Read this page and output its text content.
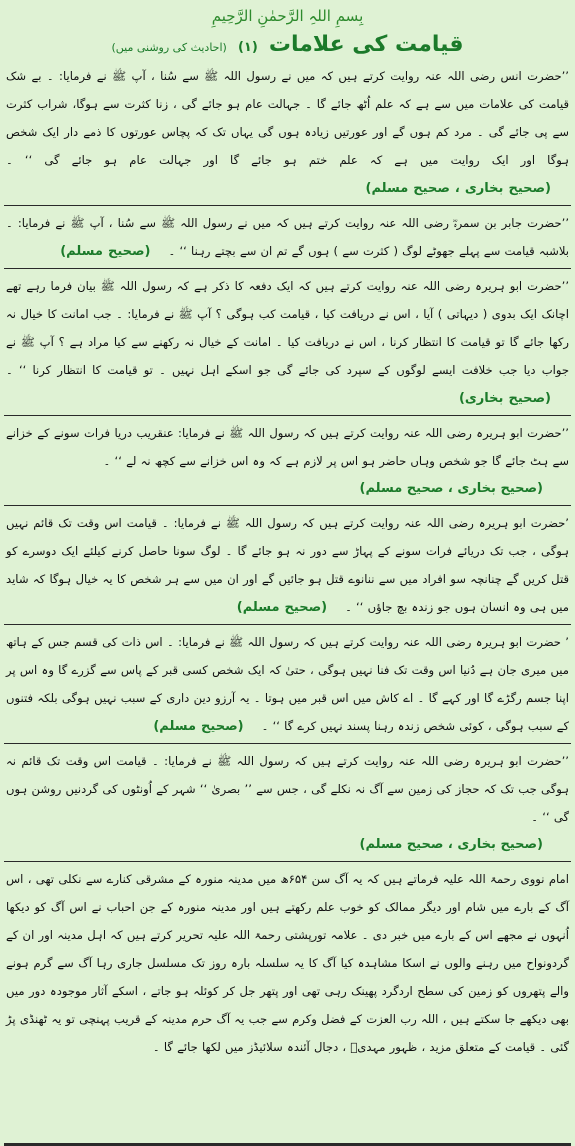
بِسمِ اللہِ الرَّحمٰنِ الرَّحِیمِ
قیامت کی علامات (۱) (احادیث کی روشنی میں)
’’حضرت انس رضی اللہ عنہ روایت کرتے ہیں کہ میں نے رسول اللہ ﷺ سے سُنا ، آپ ﷺ نے فرمایا: ۔ بے شک قیامت کی علامات میں سے ہے کہ علم اُٹھ جائے گا ۔ جہالت عام ہو جائے گی ، زنا کثرت سے ہوگا، شراب کثرت سے پی جائے گی ۔ مرد کم ہوں گے اور عورتیں زیادہ ہوں گی یہاں تک کہ پچاس عورتوں کا ذمے دار ایک شخص ہوگا اور ایک روایت میں ہے کہ علم ختم ہو جائے گا اور جہالت عام ہو جائے گی ‘‘ ۔(صحیح بخاری ، صحیح مسلم)
’’حضرت جابر بن سمرہؓ رضی اللہ عنہ روایت کرتے ہیں کہ میں نے رسول اللہ ﷺ سے سُنا ، آپ ﷺ نے فرمایا: ۔ بلاشبہ قیامت سے پہلے جھوٹے لوگ ( کثرت سے ) ہوں گے تم ان سے بچتے رہنا ‘‘ ۔(صحیح مسلم)
’’حضرت ابو ہریرہ رضی اللہ عنہ روایت کرتے ہیں کہ ایک دفعہ کا ذکر ہے کہ رسول اللہ ﷺ بیان فرما رہے تھے اچانک ایک بدوی ( دیہاتی ) آیا ، اس نے دریافت کیا ، قیامت کب ہوگی ؟ آپ ﷺ نے فرمایا: ۔ جب امانت کا خیال نہ رکھا جائے گا تو قیامت کا انتظار کرنا ، اس نے دریافت کیا ۔ امانت کے خیال نہ رکھنے سے کیا مراد ہے ؟ آپ ﷺ نے جواب دیا جب خلافت ایسے لوگوں کے سپرد کی جائے گی جو اسکے اہل نہیں ۔ تو قیامت کا انتظار کرنا ‘‘ ۔(صحیح بخاری)
’’حضرت ابو ہریرہ رضی اللہ عنہ روایت کرتے ہیں کہ رسول اللہ ﷺ نے فرمایا: عنقریب دریا فرات سونے کے خزانے سے ہٹ جائے گا جو شخص وہاں حاضر ہو اس پر لازم ہے کہ وہ اس خزانے سے کچھ نہ لے ‘‘ ۔
(صحیح بخاری ، صحیح مسلم)
’حضرت ابو ہریرہ رضی اللہ عنہ روایت کرتے ہیں کہ رسول اللہ ﷺ نے فرمایا: ۔ قیامت اس وقت تک قائم نہیں ہوگی ، جب تک دریائے فرات سونے کے پہاڑ سے دور نہ ہو جائے گا ۔ لوگ سونا حاصل کرنے کیلئے ایک دوسرے کو قتل کریں گے چنانچہ سو افراد میں سے ننانوے قتل ہو جائیں گے اور ان میں سے ہر شخص کا یہ خیال ہوگا کہ شاید میں ہی وہ انسان ہوں جو زندہ بچ جاؤں ‘‘ ۔(صحیح مسلم)
’ حضرت ابو ہریرہ رضی اللہ عنہ روایت کرتے ہیں کہ رسول اللہ ﷺ نے فرمایا: ۔ اس ذات کی قسم جس کے ہاتھ میں میری جان ہے دُنیا اس وقت تک فنا نہیں ہوگی ، حتیٰ کہ ایک شخص کسی قبر کے پاس سے گزرے گا وہ اس پر اپنا جسم رگڑے گا اور کہے گا ۔ اے کاش میں اس قبر میں ہوتا ۔ یہ آرزو دین داری کے سبب نہیں ہوگی بلکہ فتنوں کے سبب ہوگی ، کوئی شخص زندہ رہنا پسند نہیں کرے گا ‘‘ ۔(صحیح مسلم)
’’حضرت ابو ہریرہ رضی اللہ عنہ روایت کرتے ہیں کہ رسول اللہ ﷺ نے فرمایا: ۔ قیامت اس وقت تک قائم نہ ہوگی جب تک کہ حجاز کی زمین سے آگ نہ نکلے گی ، جس سے ’’ بصریٰ ‘‘ شہر کے اُونٹوں کی گردنیں روشن ہوں گی ‘‘ ۔
(صحیح بخاری ، صحیح مسلم)
امام نووی رحمۃ اللہ علیہ فرماتے ہیں کہ یہ آگ سن ۶۵۴ھ میں مدینہ منورہ کے مشرقی کنارے سے نکلی تھی ، اس آگ کے بارے میں شام اور دیگر ممالک کو خوب علم رکھتے ہیں اور مدینہ منورہ کے جن احباب نے اس آگ کو دیکھا اُنہوں نے مجھے اس کے بارے میں خبر دی ۔ علامہ تورپشتی رحمۃ اللہ علیہ تحریر کرتے ہیں کہ اہل مدینہ اور ان کے گردونواح میں رہنے والوں نے اسکا مشاہدہ کیا آگ کا یہ سلسلہ بارہ روز تک مسلسل جاری رہا آگ سے گرم ہونے والے پتھروں کو زمین کی سطح اردگرد پھینک رہی تھی اور پتھر جل کر کوئلہ ہو جاتے ، اسکے آثار موجودہ دور میں بھی دیکھے جا سکتے ہیں ، اللہ رب العزت کے فضل وکرم سے جب یہ آگ حرم مدینہ کے قریب پہنچی تو یہ ٹھنڈی پڑ گئی ۔ قیامت کے متعلق مزید ، ظہور مہدیؓ ، دجال آئندہ سلائیڈز میں لکھا جائے گا ۔
